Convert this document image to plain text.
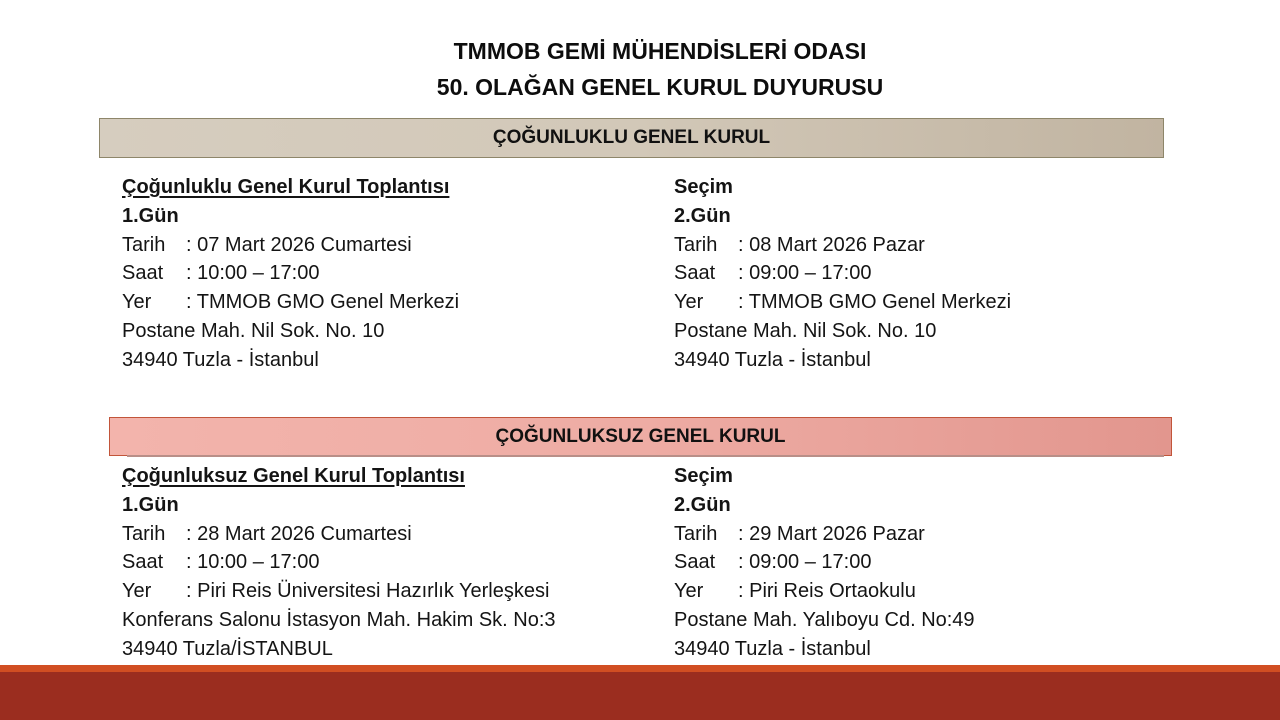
TMMOB GEMİ MÜHENDİSLERİ ODASI
50. OLAĞAN GENEL KURUL DUYURUSU
ÇOĞUNLUKLU GENEL KURUL
Çoğunluklu Genel Kurul Toplantısı
1.Gün
Tarih : 07 Mart 2026 Cumartesi
Saat : 10:00 – 17:00
Yer : TMMOB GMO Genel Merkezi
Postane Mah. Nil Sok. No. 10
34940 Tuzla - İstanbul
Seçim
2.Gün
Tarih : 08 Mart 2026 Pazar
Saat : 09:00 – 17:00
Yer : TMMOB GMO Genel Merkezi
Postane Mah. Nil Sok. No. 10
34940 Tuzla - İstanbul
ÇOĞUNLUKSUZ GENEL KURUL
Çoğunluksuz Genel Kurul Toplantısı
1.Gün
Tarih : 28 Mart 2026 Cumartesi
Saat : 10:00 – 17:00
Yer : Piri Reis Üniversitesi Hazırlık Yerleşkesi
Konferans Salonu İstasyon Mah. Hakim Sk. No:3
34940 Tuzla/İSTANBUL
Seçim
2.Gün
Tarih : 29 Mart 2026 Pazar
Saat : 09:00 – 17:00
Yer : Piri Reis Ortaokulu
Postane Mah. Yalıboyu Cd. No:49
34940 Tuzla - İstanbul
